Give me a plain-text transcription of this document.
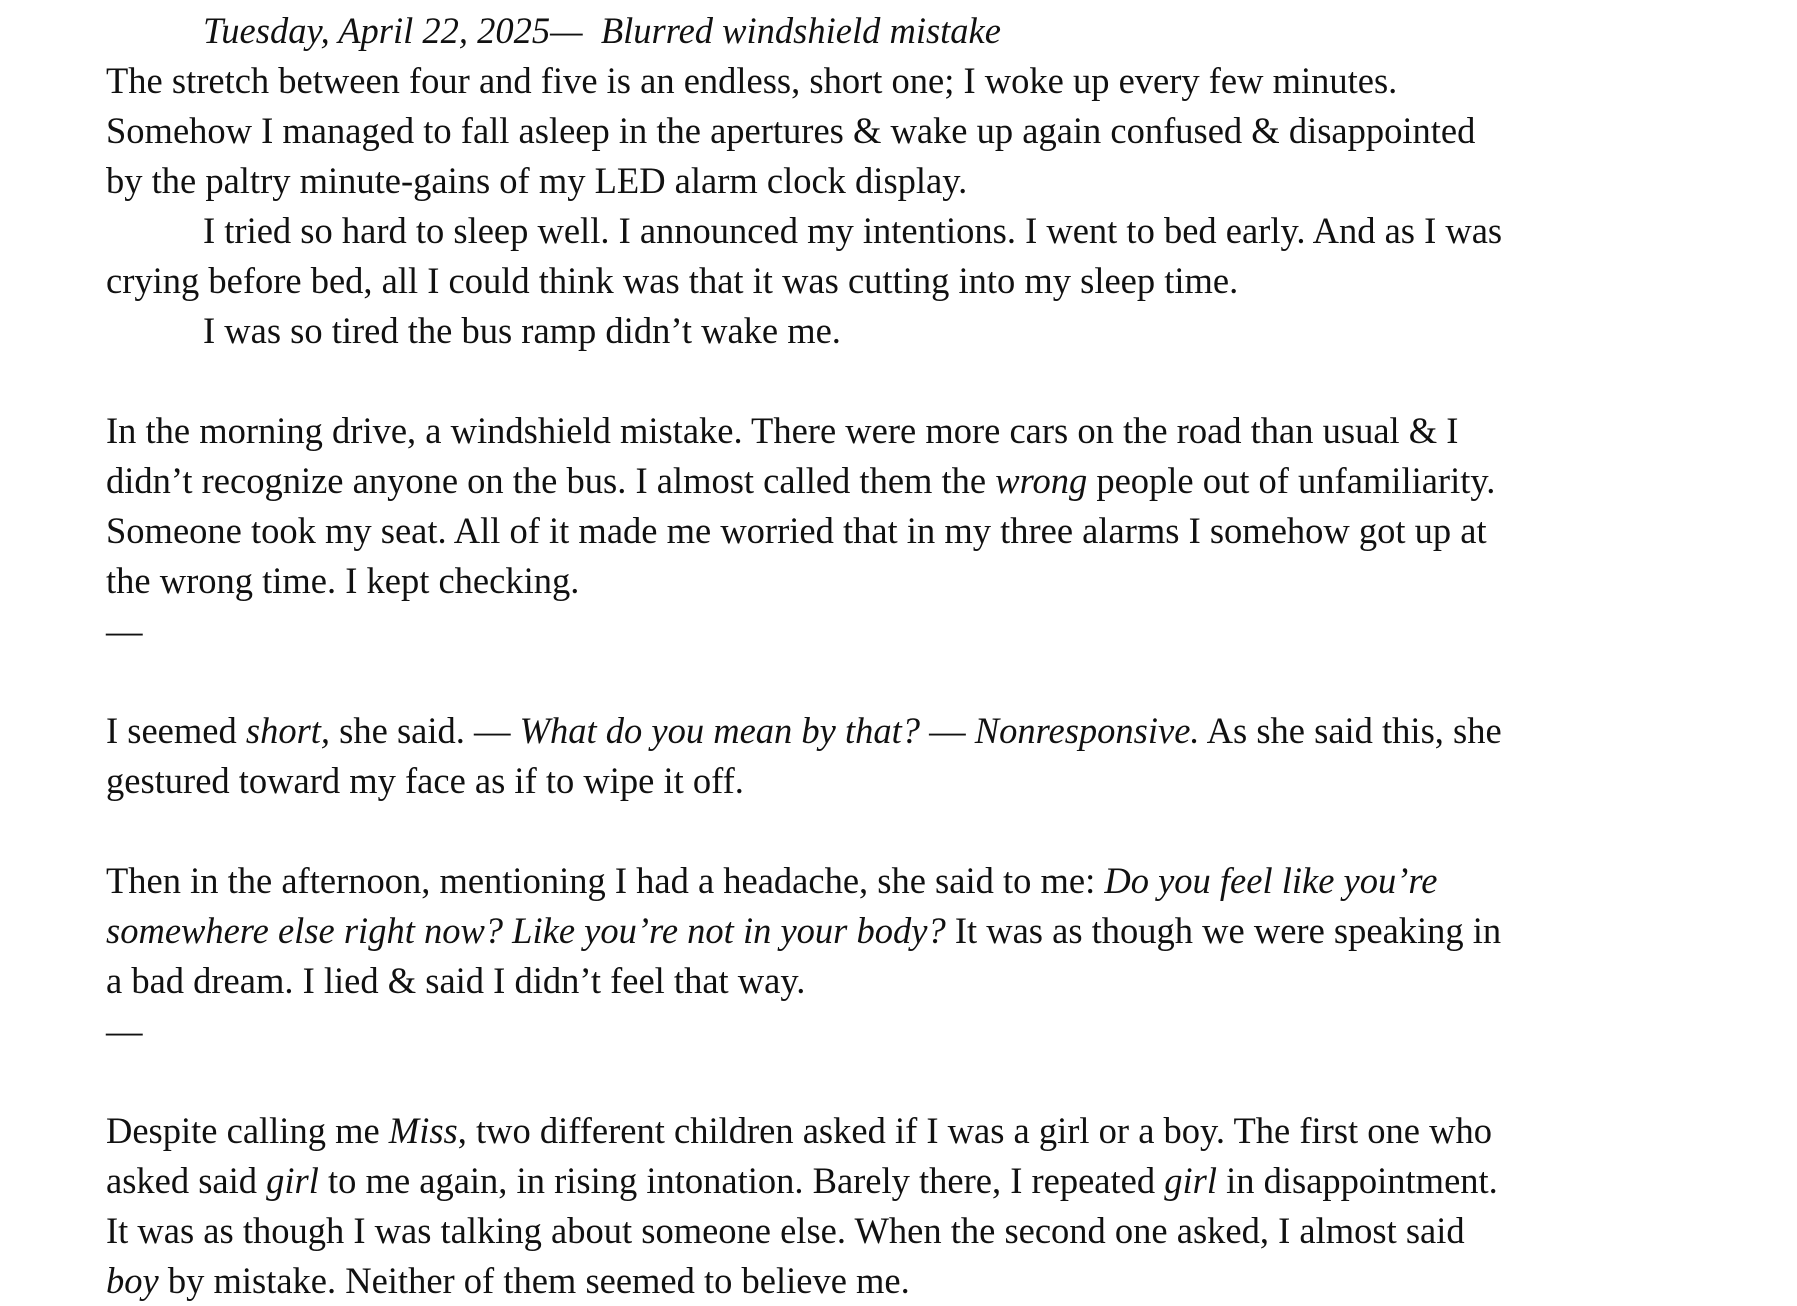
Tuesday, April 22, 2025— Blurred windshield mistake

The stretch between four and five is an endless, short one; I woke up every few minutes. Somehow I managed to fall asleep in the apertures & wake up again confused & disappointed by the paltry minute-gains of my LED alarm clock display.

I tried so hard to sleep well. I announced my intentions. I went to bed early. And as I was crying before bed, all I could think was that it was cutting into my sleep time.

I was so tired the bus ramp didn’t wake me.

In the morning drive, a windshield mistake. There were more cars on the road than usual & I didn’t recognize anyone on the bus. I almost called them the wrong people out of unfamiliarity. Someone took my seat. All of it made me worried that in my three alarms I somehow got up at the wrong time. I kept checking.

—

I seemed short, she said. — What do you mean by that? — Nonresponsive. As she said this, she gestured toward my face as if to wipe it off.

Then in the afternoon, mentioning I had a headache, she said to me: Do you feel like you’re somewhere else right now? Like you’re not in your body? It was as though we were speaking in a bad dream. I lied & said I didn’t feel that way.

—

Despite calling me Miss, two different children asked if I was a girl or a boy. The first one who asked said girl to me again, in rising intonation. Barely there, I repeated girl in disappointment. It was as though I was talking about someone else. When the second one asked, I almost said boy by mistake. Neither of them seemed to believe me.
